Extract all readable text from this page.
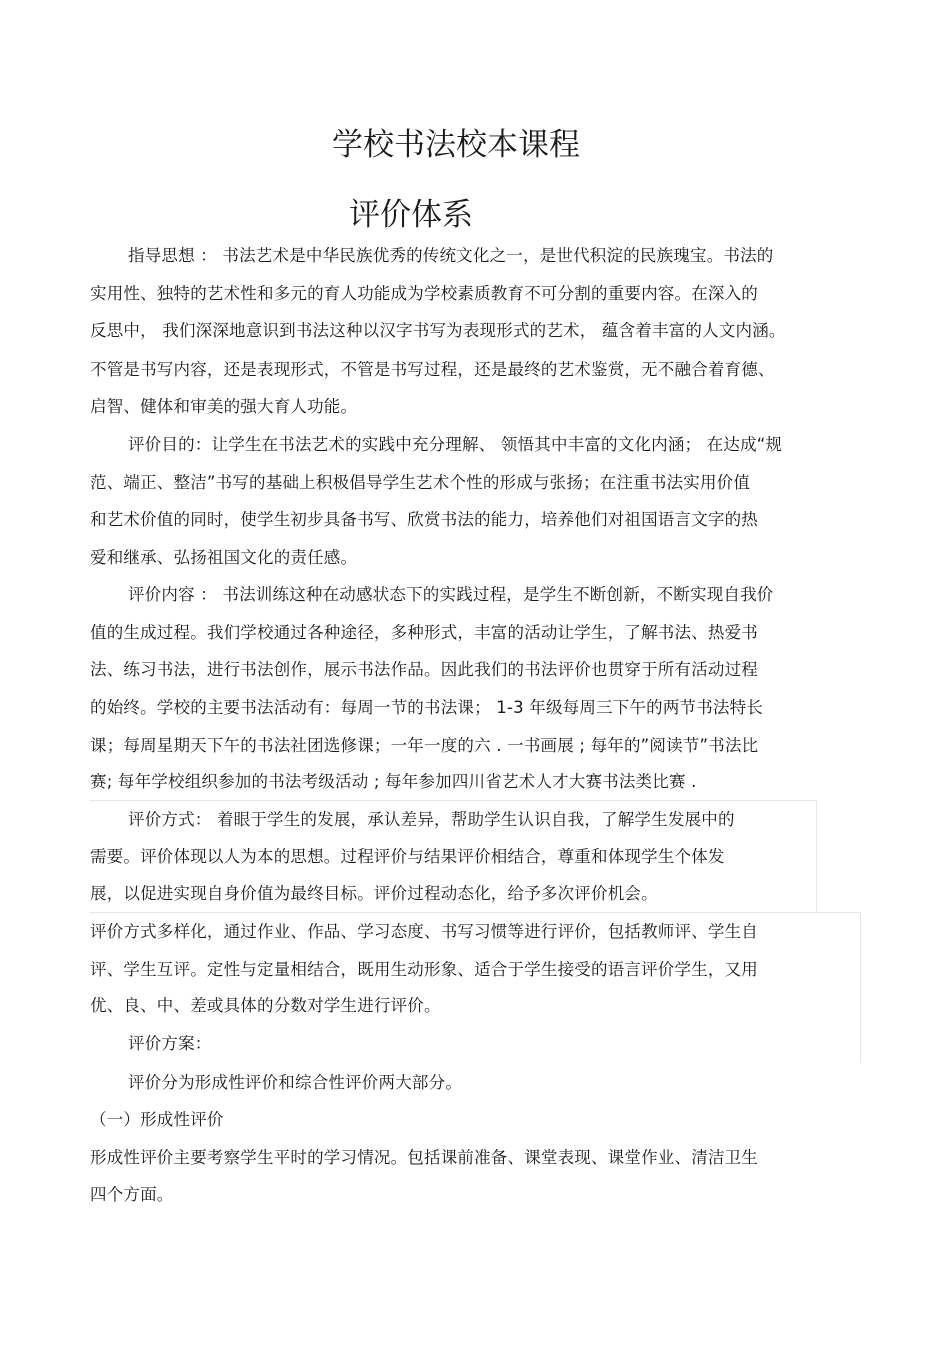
学校书法校本课程
评价体系
指导思想 ： 书法艺术是中华民族优秀的传统文化之一，是世代积淀的民族瑰宝。书法的
实用性、独特的艺术性和多元的育人功能成为学校素质教育不可分割的重要内容。在深入的
反思中， 我们深深地意识到书法这种以汉字书写为表现形式的艺术， 蕴含着丰富的人文内涵。
不管是书写内容，还是表现形式，不管是书写过程，还是最终的艺术鉴赏，无不融合着育德、
启智、健体和审美的强大育人功能。
评价目的：让学生在书法艺术的实践中充分理解、 领悟其中丰富的文化内涵； 在达成“规
范、端正、整洁”书写的基础上积极倡导学生艺术个性的形成与张扬；在注重书法实用价值
和艺术价值的同时，使学生初步具备书写、欣赏书法的能力，培养他们对祖国语言文字的热
爱和继承、弘扬祖国文化的责任感。
评价内容 ： 书法训练这种在动感状态下的实践过程，是学生不断创新，不断实现自我价
值的生成过程。我们学校通过各种途径，多种形式，丰富的活动让学生，了解书法、热爱书
法、练习书法，进行书法创作，展示书法作品。因此我们的书法评价也贯穿于所有活动过程
的始终。学校的主要书法活动有：每周一节的书法课； 1-3 年级每周三下午的两节书法特长
课；每周星期天下午的书法社团选修课；一年一度的六 . 一书画展 ; 每年的”阅读节”书法比
赛; 每年学校组织参加的书法考级活动 ; 每年参加四川省艺术人才大赛书法类比赛 .
评价方式： 着眼于学生的发展，承认差异，帮助学生认识自我，了解学生发展中的
需要。评价体现以人为本的思想。过程评价与结果评价相结合，尊重和体现学生个体发
展，以促进实现自身价值为最终目标。评价过程动态化，给予多次评价机会。
评价方式多样化，通过作业、作品、学习态度、书写习惯等进行评价，包括教师评、学生自
评、学生互评。定性与定量相结合，既用生动形象、适合于学生接受的语言评价学生，又用
优、良、中、差或具体的分数对学生进行评价。
评价方案：
评价分为形成性评价和综合性评价两大部分。
（一）形成性评价
形成性评价主要考察学生平时的学习情况。包括课前准备、课堂表现、课堂作业、清洁卫生
四个方面。
